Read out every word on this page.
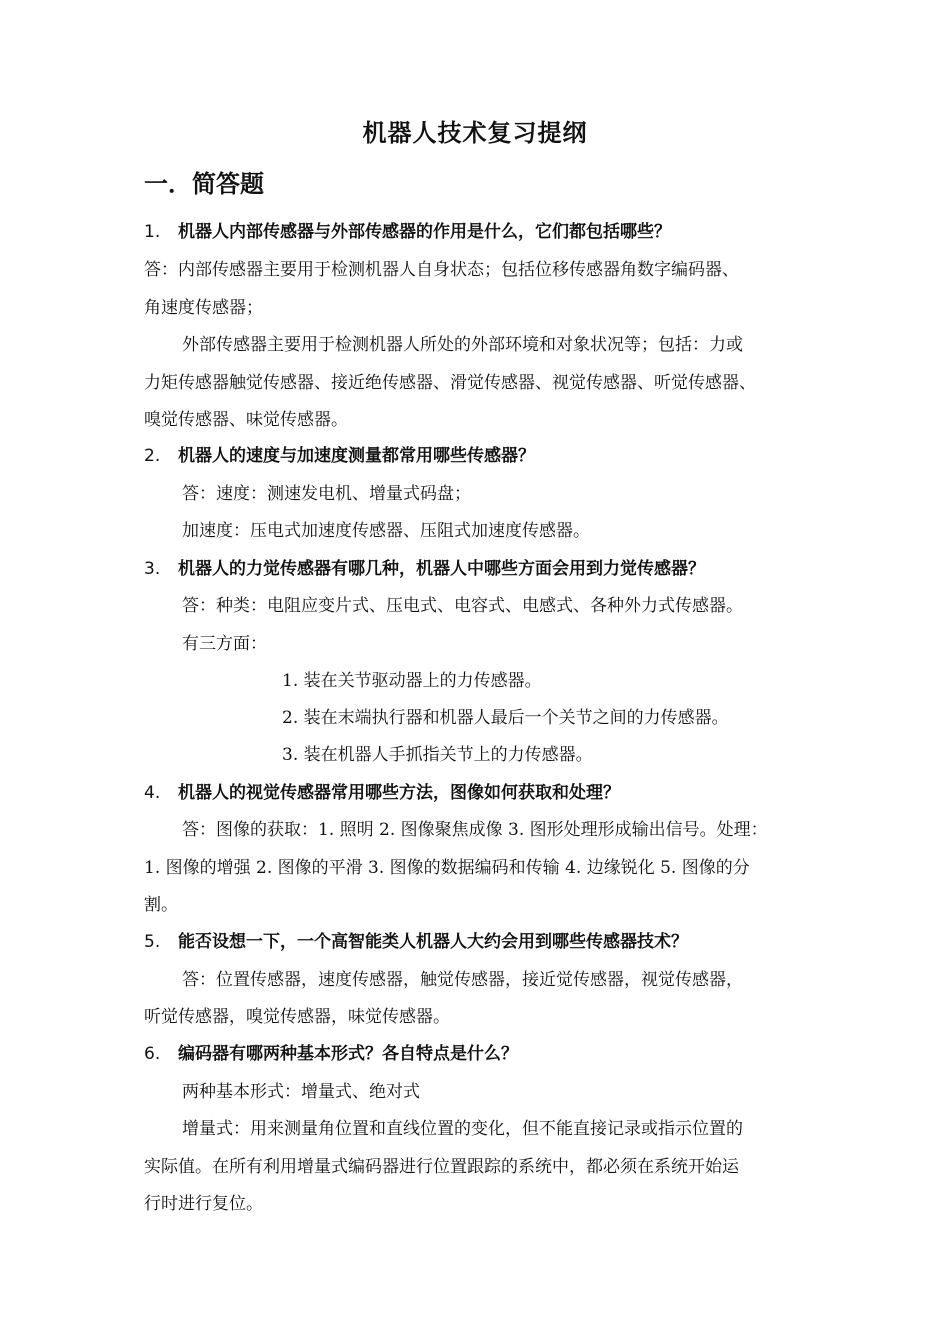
机器人技术复习提纲
一．简答题
1. 机器人内部传感器与外部传感器的作用是什么，它们都包括哪些？
答：内部传感器主要用于检测机器人自身状态；包括位移传感器角数字编码器、
角速度传感器；
外部传感器主要用于检测机器人所处的外部环境和对象状况等；包括：力或
力矩传感器触觉传感器、接近绝传感器、滑觉传感器、视觉传感器、听觉传感器、
嗅觉传感器、味觉传感器。
2. 机器人的速度与加速度测量都常用哪些传感器？
答：速度：测速发电机、增量式码盘；
加速度：压电式加速度传感器、压阻式加速度传感器。
3. 机器人的力觉传感器有哪几种，机器人中哪些方面会用到力觉传感器？
答：种类：电阻应变片式、压电式、电容式、电感式、各种外力式传感器。
有三方面：
1. 装在关节驱动器上的力传感器。
2. 装在末端执行器和机器人最后一个关节之间的力传感器。
3. 装在机器人手抓指关节上的力传感器。
4. 机器人的视觉传感器常用哪些方法，图像如何获取和处理？
答：图像的获取：1. 照明 2. 图像聚焦成像 3. 图形处理形成输出信号。处理：
1. 图像的增强 2. 图像的平滑 3. 图像的数据编码和传输 4. 边缘锐化 5. 图像的分
割。
5. 能否设想一下，一个高智能类人机器人大约会用到哪些传感器技术？
答：位置传感器，速度传感器，触觉传感器，接近觉传感器，视觉传感器，
听觉传感器，嗅觉传感器，味觉传感器。
6. 编码器有哪两种基本形式？各自特点是什么？
两种基本形式：增量式、绝对式
增量式：用来测量角位置和直线位置的变化，但不能直接记录或指示位置的
实际值。在所有利用增量式编码器进行位置跟踪的系统中，都必须在系统开始运
行时进行复位。
